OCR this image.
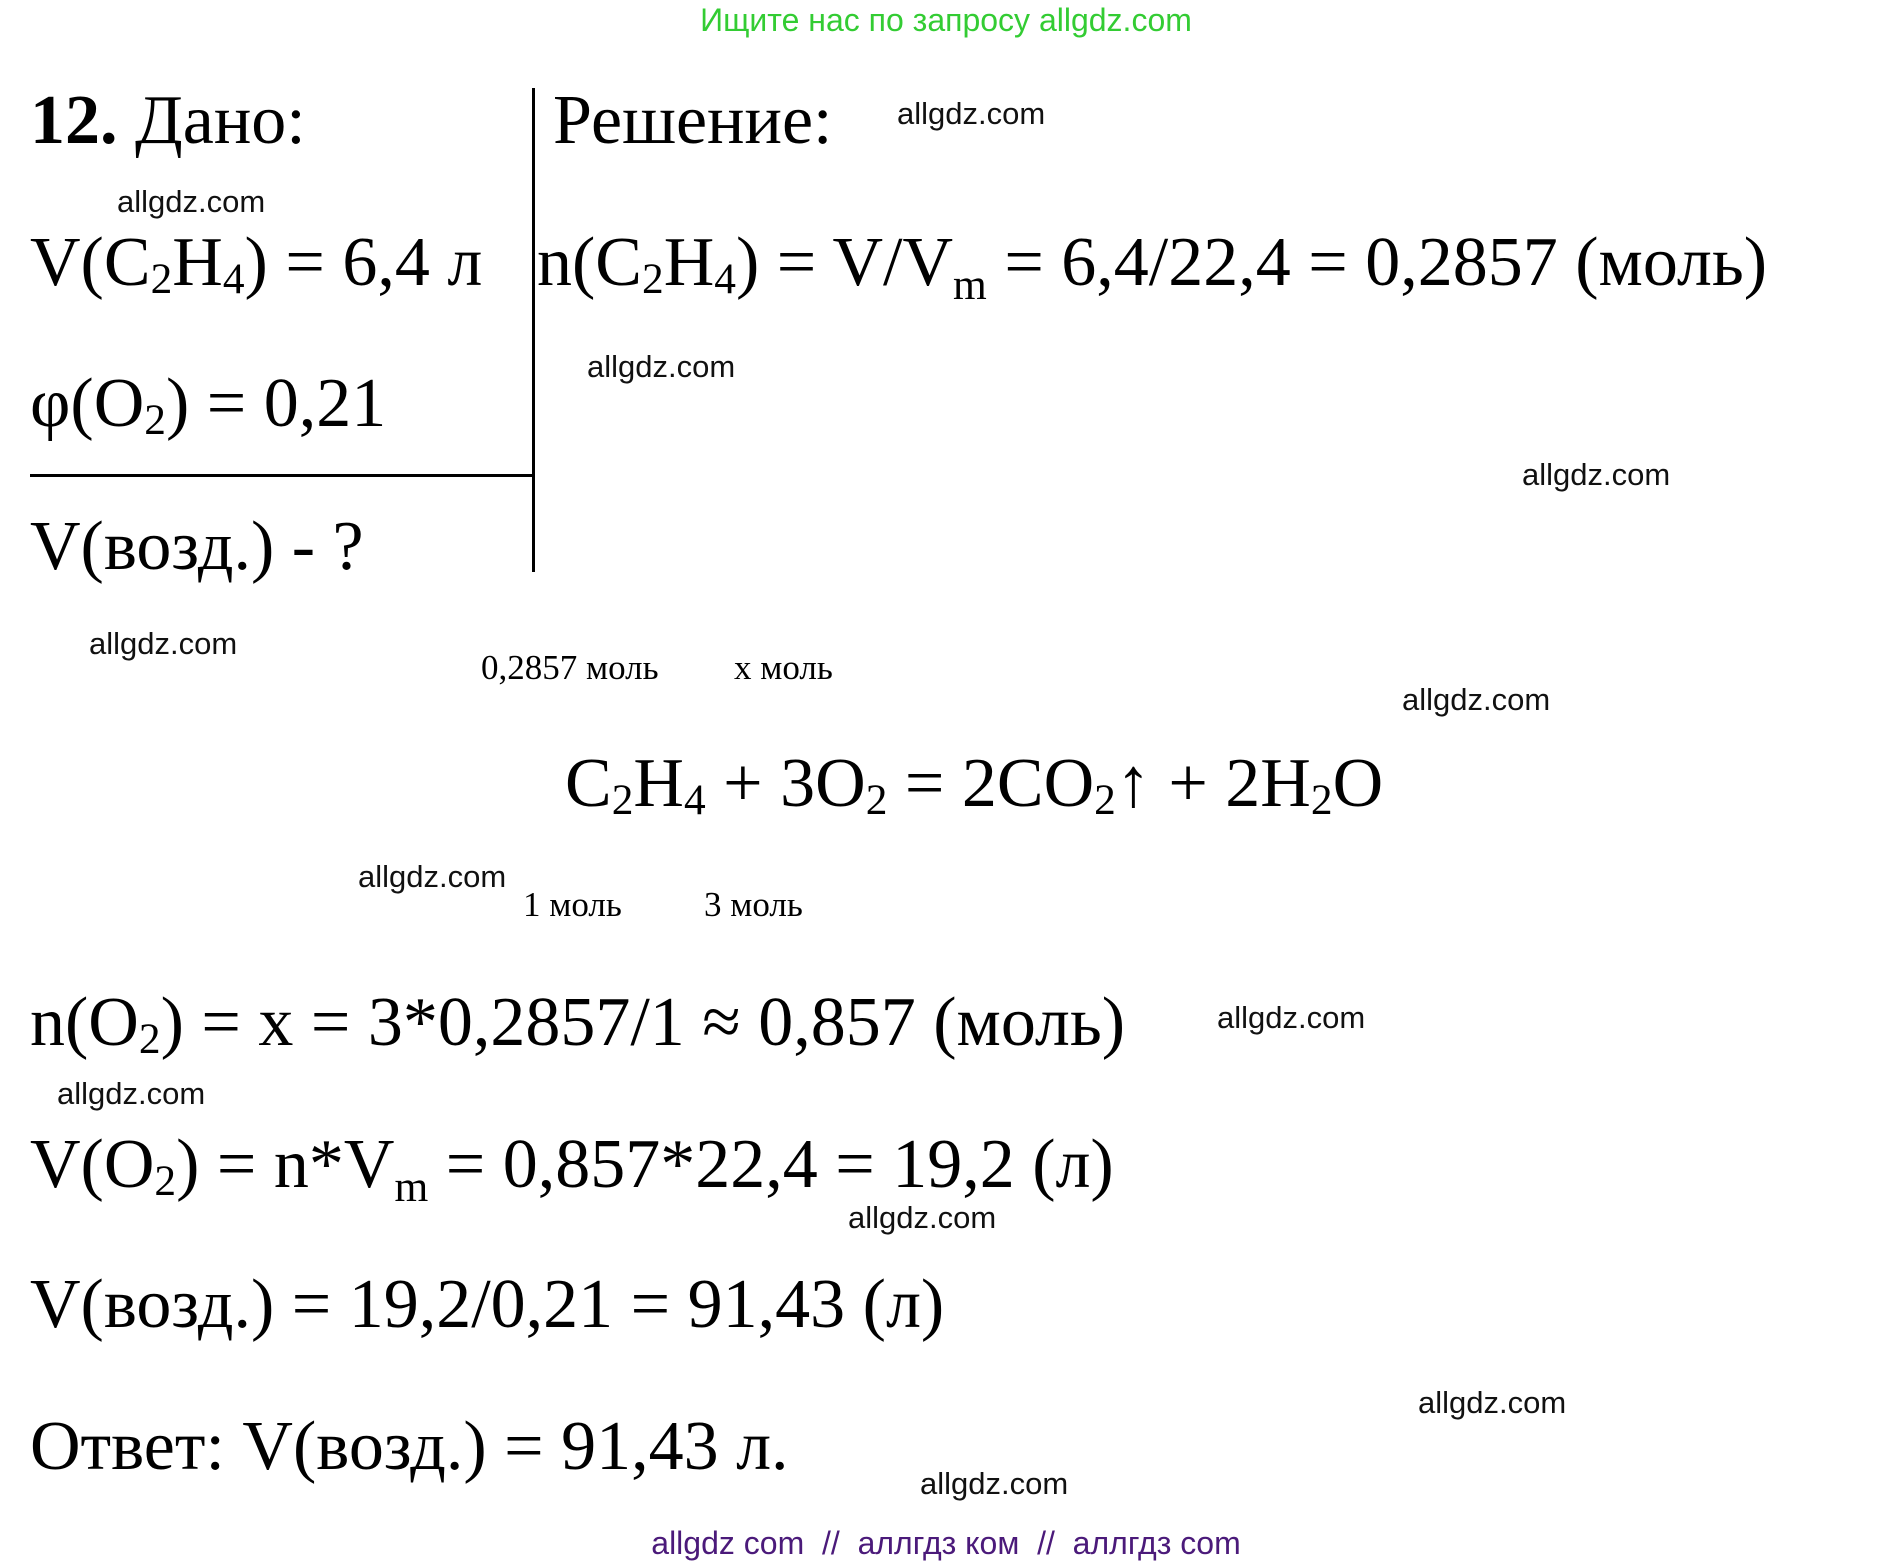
Ищите нас по запросу allgdz.com
12. Дано:	Решение:
V(C2H4) = 6,4 л
φ(O2) = 0,21
V(возд.) - ?
n(C2H4) = V/Vm = 6,4/22,4 = 0,2857 (моль)
0,2857 моль х моль
C2H4 + 3O2 = 2CO2↑ + 2H2O
1 моль 3 моль
n(O2) = х = 3*0,2857/1 ≈ 0,857 (моль)
V(O2) = n*Vm = 0,857*22,4 = 19,2 (л)
V(возд.) = 19,2/0,21 = 91,43 (л)
Ответ: V(возд.) = 91,43 л.
allgdz.com
allgdz.com
allgdz.com
allgdz.com
allgdz.com
allgdz.com
allgdz.com
allgdz.com
allgdz.com
allgdz.com
allgdz.com
allgdz.com
allgdz com  //  аллгдз ком  //  аллгдз com
